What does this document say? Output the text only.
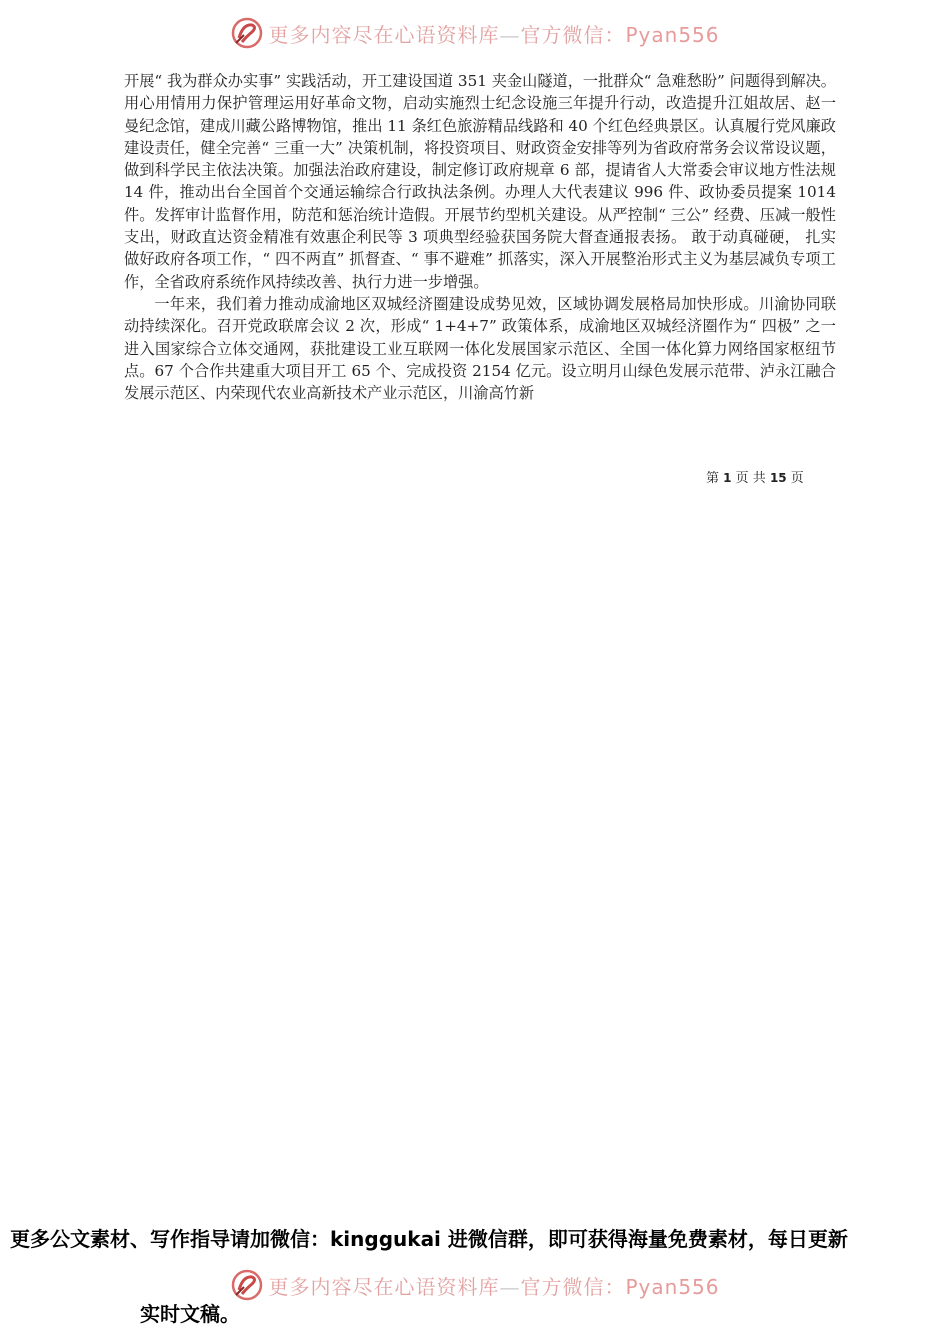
更多内容尽在心语资料库—官方微信：Pyan556

开展“ 我为群众办实事” 实践活动，开工建设国道 351 夹金山隧道，一批群众“ 急难愁盼” 问题得到解决。用心用情用力保护管理运用好革命文物，启动实施烈士纪念设施三年提升行动，改造提升江姐故居、赵一曼纪念馆，建成川藏公路博物馆，推出 11 条红色旅游精品线路和 40 个红色经典景区。认真履行党风廉政建设责任，健全完善“ 三重一大” 决策机制，将投资项目、财政资金安排等列为省政府常务会议常设议题，做到科学民主依法决策。加强法治政府建设，制定修订政府规章 6 部，提请省人大常委会审议地方性法规 14 件，推动出台全国首个交通运输综合行政执法条例。办理人大代表建议 996 件、政协委员提案 1014 件。发挥审计监督作用，防范和惩治统计造假。开展节约型机关建设。从严控制“ 三公” 经费、压减一般性支出，财政直达资金精准有效惠企利民等 3 项典型经验获国务院大督查通报表扬。 敢于动真碰硬， 扎实做好政府各项工作，“ 四不两直” 抓督查、“ 事不避难” 抓落实，深入开展整治形式主义为基层减负专项工作，全省政府系统作风持续改善、执行力进一步增强。

一年来，我们着力推动成渝地区双城经济圈建设成势见效，区域协调发展格局加快形成。川渝协同联动持续深化。召开党政联席会议 2 次，形成“ 1+4+7” 政策体系，成渝地区双城经济圈作为“ 四极” 之一进入国家综合立体交通网，获批建设工业互联网一体化发展国家示范区、全国一体化算力网络国家枢纽节点。67 个合作共建重大项目开工 65 个、完成投资 2154 亿元。设立明月山绿色发展示范带、泸永江融合发展示范区、内荣现代农业高新技术产业示范区，川渝高竹新

第 1 页 共 15 页
更多公文素材、写作指导请加微信：kinggukai 进微信群，即可获得海量免费素材，每日更新
更多内容尽在心语资料库—官方微信：Pyan556
实时文稿。
